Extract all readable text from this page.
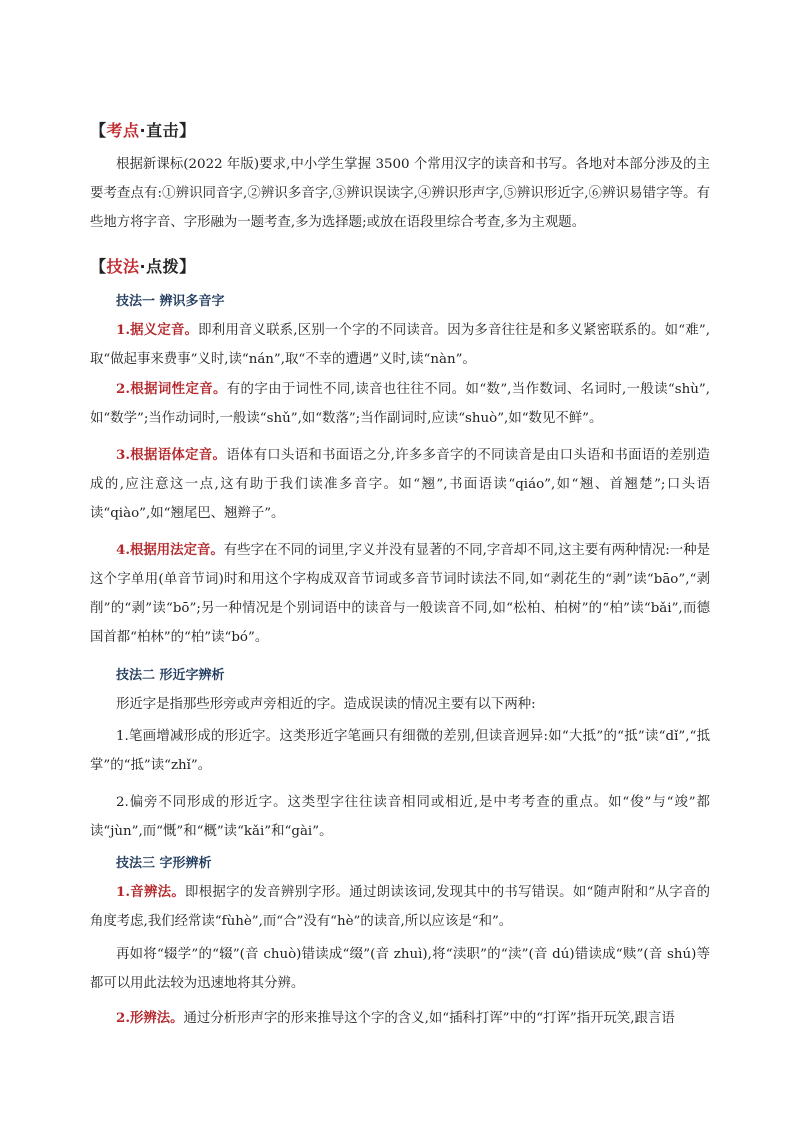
【考点·直击】

根据新课标(2022 年版)要求,中小学生掌握 3500 个常用汉字的读音和书写。各地对本部分涉及的主要考查点有:①辨识同音字,②辨识多音字,③辨识误读字,④辨识形声字,⑤辨识形近字,⑥辨识易错字等。有些地方将字音、字形融为一题考查,多为选择题;或放在语段里综合考查,多为主观题。

【技法·点拨】
技法一 辨识多音字

1.据义定音。即利用音义联系,区别一个字的不同读音。因为多音往往是和多义紧密联系的。如“难”,取“做起事来费事”义时,读“nán”,取“不幸的遭遇”义时,读“nàn”。

2.根据词性定音。有的字由于词性不同,读音也往往不同。如“数”,当作数词、名词时,一般读“shù”,如“数学”;当作动词时,一般读“shǔ”,如“数落”;当作副词时,应读“shuò”,如“数见不鲜”。

3.根据语体定音。语体有口头语和书面语之分,许多多音字的不同读音是由口头语和书面语的差别造成的,应注意这一点,这有助于我们读准多音字。如“翘”,书面语读“qiáo”,如“翘、首翘楚”;口头语读“qiào”,如“翘尾巴、翘辫子”。

4.根据用法定音。有些字在不同的词里,字义并没有显著的不同,字音却不同,这主要有两种情况:一种是这个字单用(单音节词)时和用这个字构成双音节词或多音节词时读法不同,如“剥花生的“剥”读“bāo”,“剥削”的“剥”读“bō”;另一种情况是个别词语中的读音与一般读音不同,如“松柏、柏树”的“柏”读“bǎi”,而德国首都“柏林”的“柏”读“bó”。

技法二 形近字辨析

形近字是指那些形旁或声旁相近的字。造成误读的情况主要有以下两种:

1.笔画增减形成的形近字。这类形近字笔画只有细微的差别,但读音迥异:如“大抵”的“抵”读“dǐ”,“抵掌”的“抵”读“zhǐ”。

2.偏旁不同形成的形近字。这类型字往往读音相同或相近,是中考考查的重点。如“俊”与“竣”都读“jùn”,而“慨”和“概”读“kǎi”和“gài”。

技法三 字形辨析

1.音辨法。即根据字的发音辨别字形。通过朗读该词,发现其中的书写错误。如“随声附和”从字音的角度考虑,我们经常读“fùhè”,而“合”没有“hè”的读音,所以应该是“和”。

再如将“辍学”的“辍”(音 chuò)错读成“缀”(音 zhuì),将“渎职”的“渎”(音 dú)错读成“赎”(音 shú)等都可以用此法较为迅速地将其分辨。

2.形辨法。通过分析形声字的形来推导这个字的含义,如“插科打诨”中的“打诨”指开玩笑,跟言语
